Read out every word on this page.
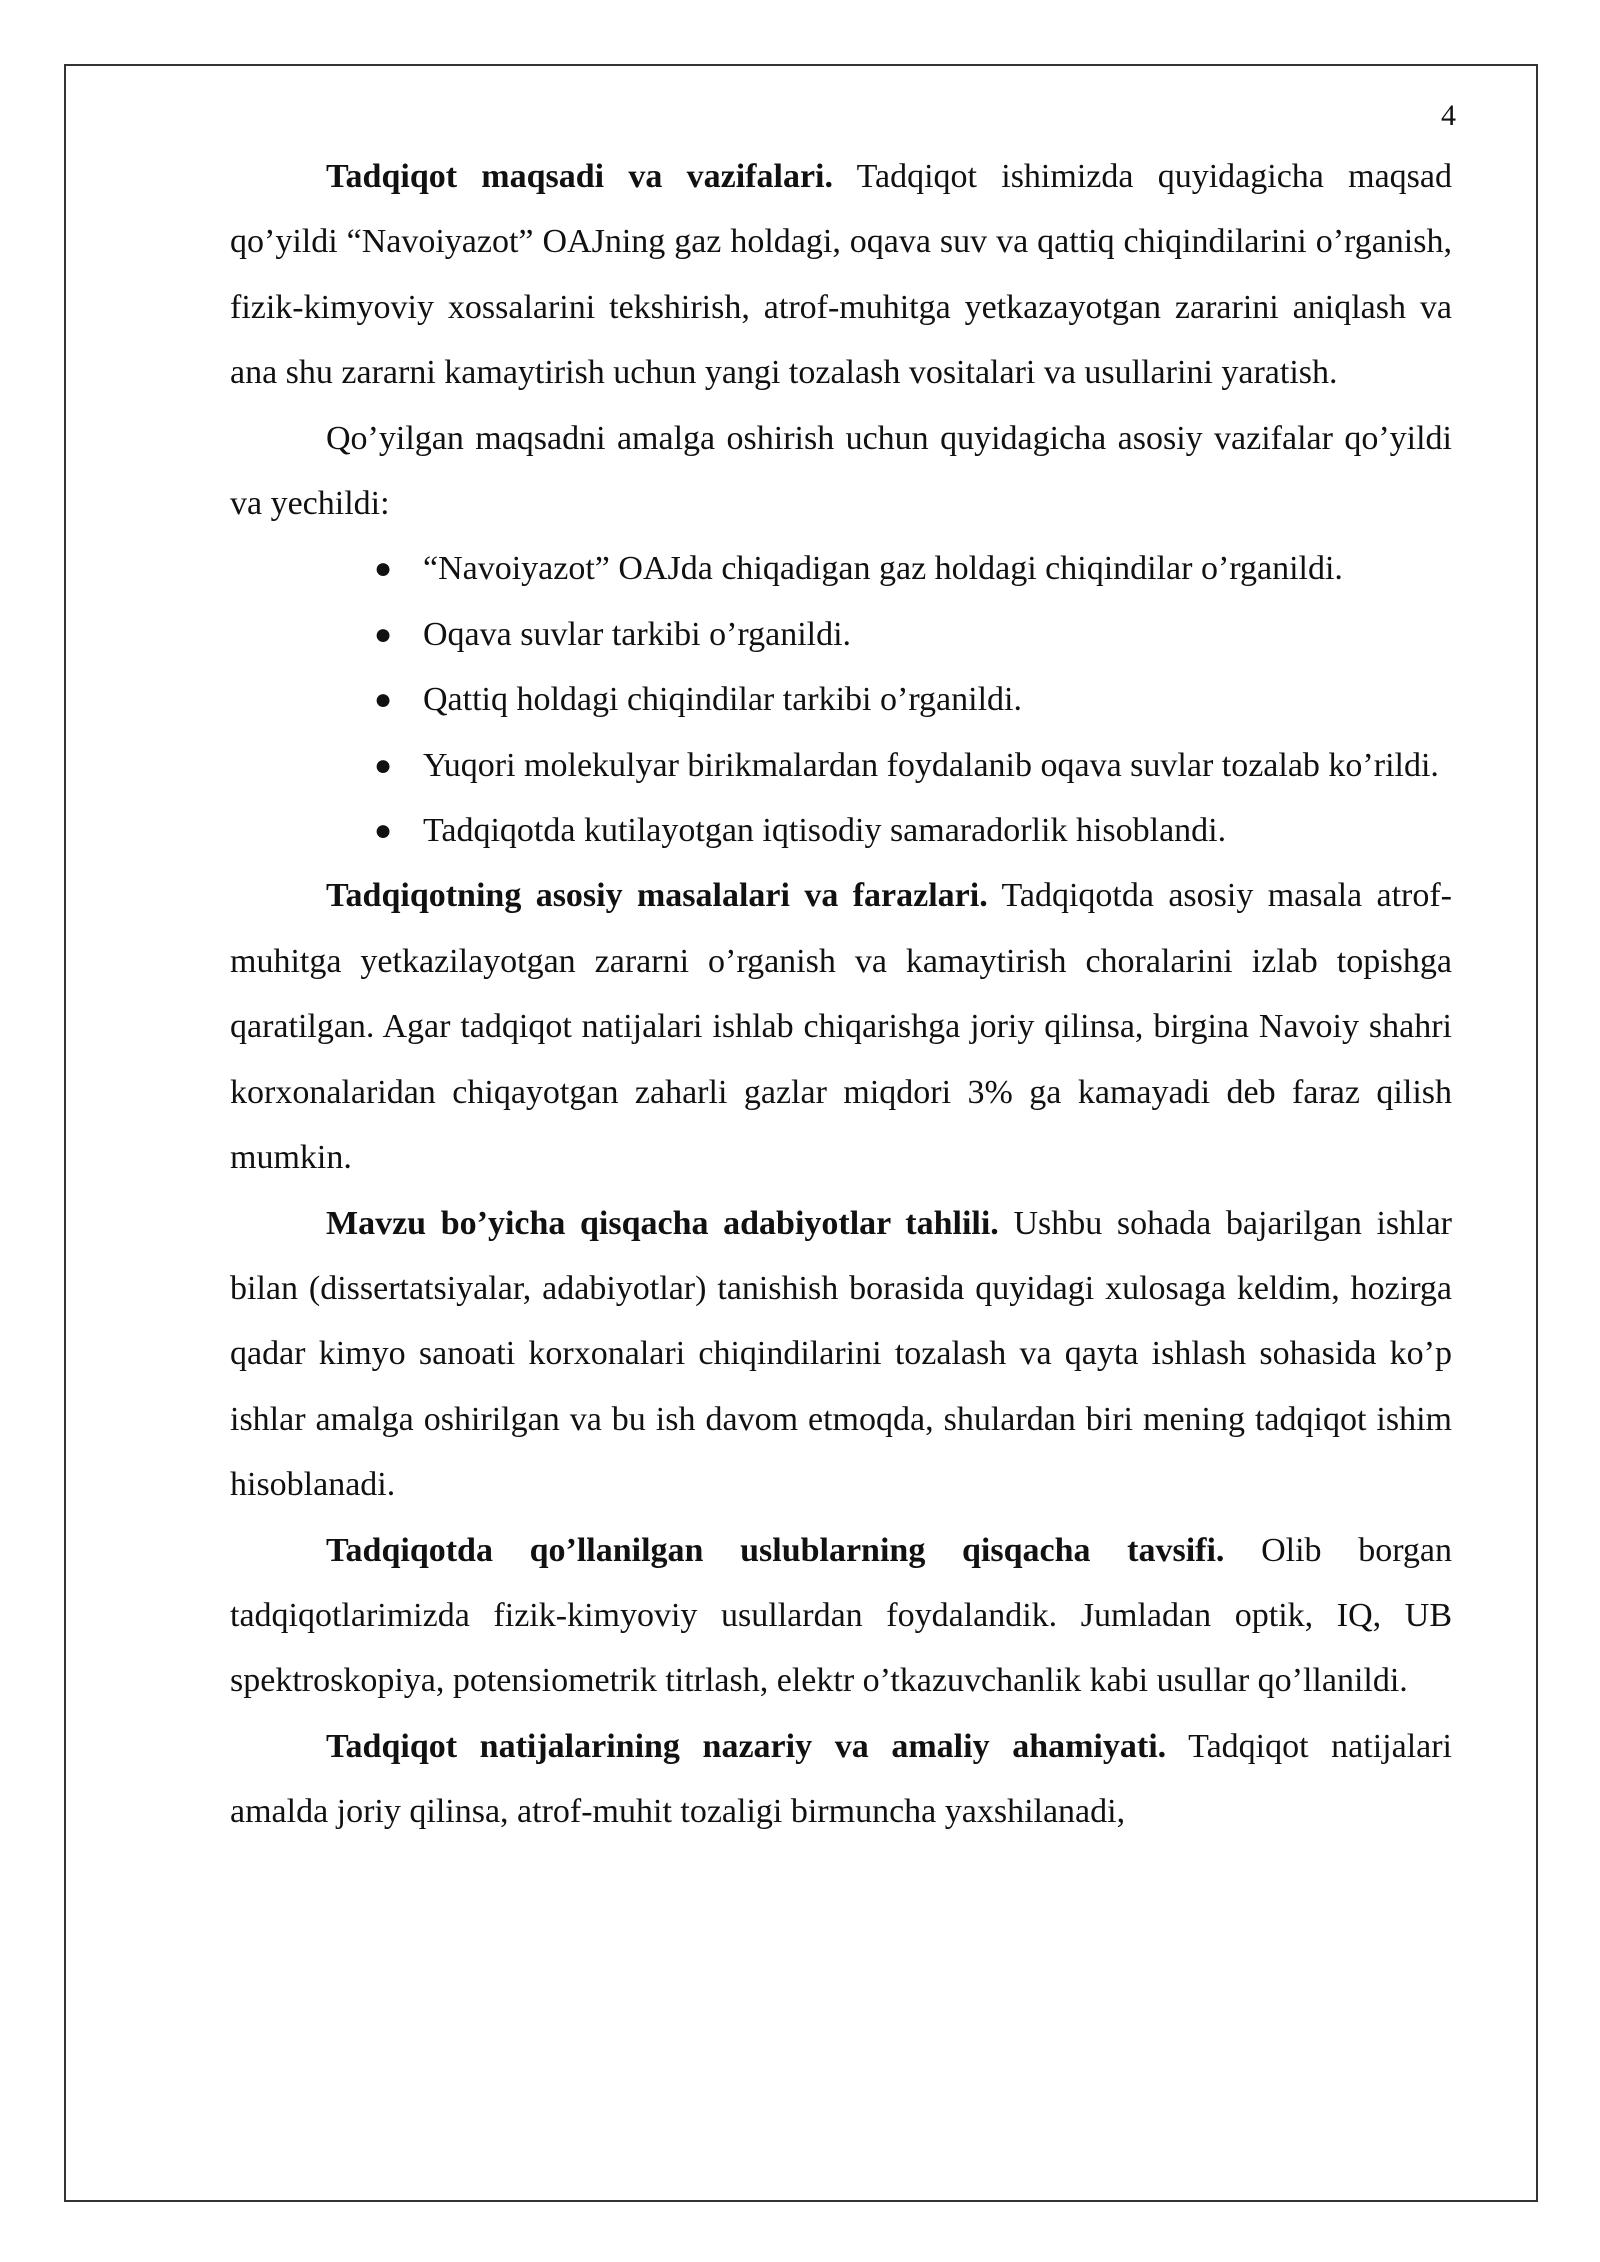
4

Tadqiqot maqsadi va vazifalari. Tadqiqot ishimizda quyidagicha maqsad qo’yildi “Navoiyazot” OAJning gaz holdagi, oqava suv va qattiq chiqindilarini o’rganish, fizik-kimyoviy xossalarini tekshirish, atrof-muhitga yetkazayotgan zararini aniqlash va ana shu zararni kamaytirish uchun yangi tozalash vositalari va usullarini yaratish.

Qo’yilgan maqsadni amalga oshirish uchun quyidagicha asosiy vazifalar qo’yildi va yechildi:

● “Navoiyazot” OAJda chiqadigan gaz holdagi chiqindilar o’rganildi.
● Oqava suvlar tarkibi o’rganildi.
● Qattiq holdagi chiqindilar tarkibi o’rganildi.
● Yuqori molekulyar birikmalardan foydalanib oqava suvlar tozalab ko’rildi.
● Tadqiqotda kutilayotgan iqtisodiy samaradorlik hisoblandi.

Tadqiqotning asosiy masalalari va farazlari. Tadqiqotda asosiy masala atrof-muhitga yetkazilayotgan zararni o’rganish va kamaytirish choralarini izlab topishga qaratilgan. Agar tadqiqot natijalari ishlab chiqarishga joriy qilinsa, birgina Navoiy shahri korxonalaridan chiqayotgan zaharli gazlar miqdori 3% ga kamayadi deb faraz qilish mumkin.

Mavzu bo’yicha qisqacha adabiyotlar tahlili. Ushbu sohada bajarilgan ishlar bilan (dissertatsiyalar, adabiyotlar) tanishish borasida quyidagi xulosaga keldim, hozirga qadar kimyo sanoati korxonalari chiqindilarini tozalash va qayta ishlash sohasida ko’p ishlar amalga oshirilgan va bu ish davom etmoqda, shulardan biri mening tadqiqot ishim hisoblanadi.

Tadqiqotda qo’llanilgan uslublarning qisqacha tavsifi. Olib borgan tadqiqotlarimizda fizik-kimyoviy usullardan foydalandik. Jumladan optik, IQ, UB spektroskopiya, potensiometrik titrlash, elektr o’tkazuvchanlik kabi usullar qo’llanildi.

Tadqiqot natijalarining nazariy va amaliy ahamiyati. Tadqiqot natijalari amalda joriy qilinsa, atrof-muhit tozaligi birmuncha yaxshilanadi,
